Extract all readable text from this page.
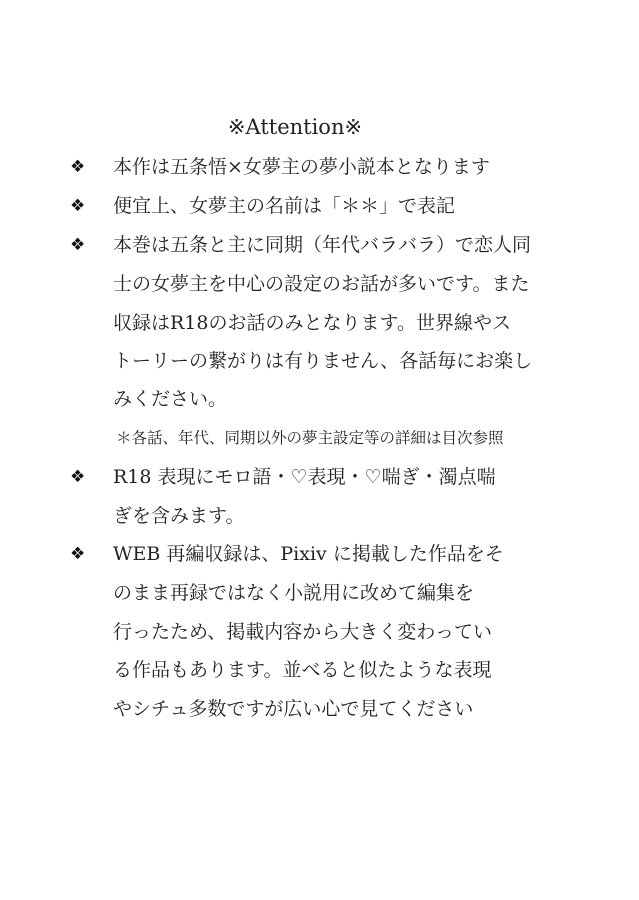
※Attention※
❖ 本作は五条悟×女夢主の夢小説本となります
❖ 便宜上、女夢主の名前は「＊＊」で表記
❖ 本巻は五条と主に同期（年代バラバラ）で恋人同
士の女夢主を中心の設定のお話が多いです。また
収録はR18のお話のみとなります。世界線やス
トーリーの繋がりは有りません、各話毎にお楽し
みください。
＊各話、年代、同期以外の夢主設定等の詳細は目次参照
❖ R18 表現にモロ語・♡表現・♡喘ぎ・濁点喘
ぎを含みます。
❖ WEB 再編収録は、Pixiv に掲載した作品をそ
のまま再録ではなく小説用に改めて編集を
行ったため、掲載内容から大きく変わってい
る作品もあります。並べると似たような表現
やシチュ多数ですが広い心で見てください
